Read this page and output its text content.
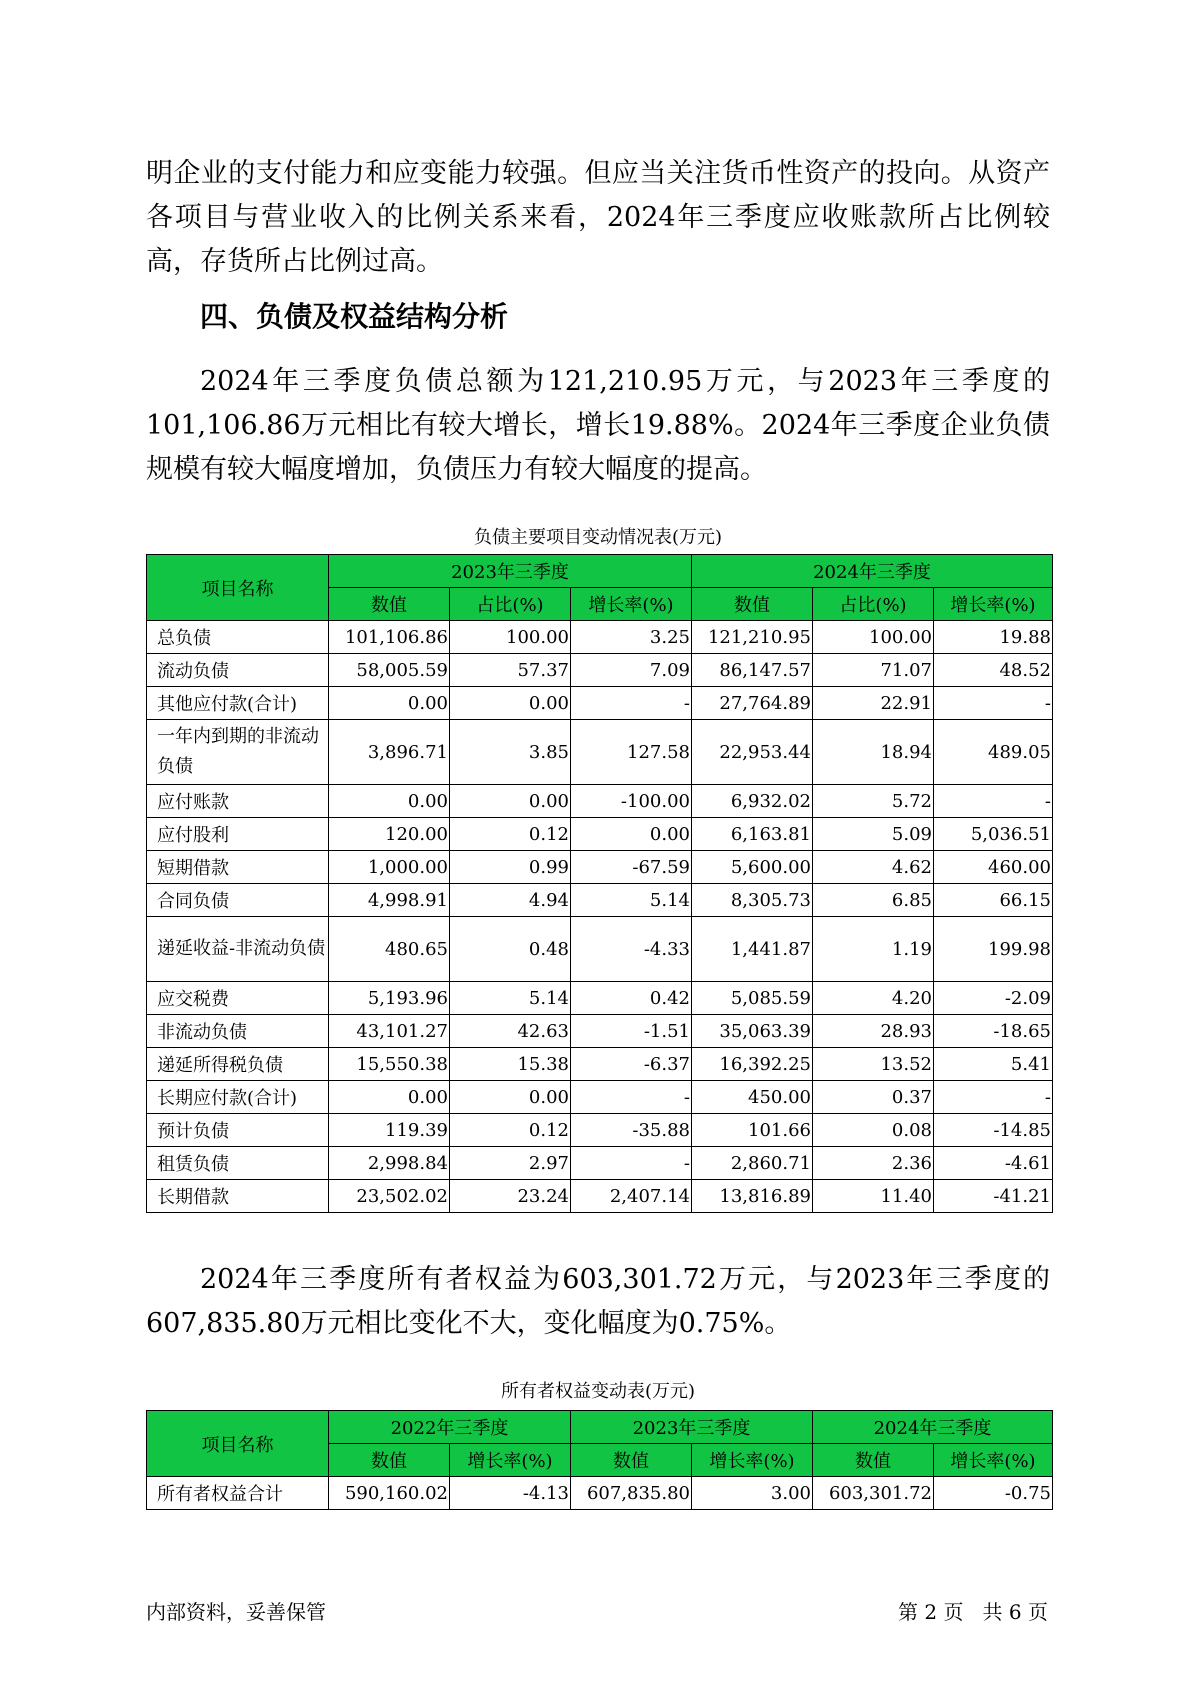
明企业的支付能力和应变能力较强。但应当关注货币性资产的投向。从资产各项目与营业收入的比例关系来看，2024年三季度应收账款所占比例较高，存货所占比例过高。

四、负债及权益结构分析

2024年三季度负债总额为121,210.95万元，与2023年三季度的101,106.86万元相比有较大增长，增长19.88%。2024年三季度企业负债规模有较大幅度增加，负债压力有较大幅度的提高。

负债主要项目变动情况表(万元)
项目名称	2023年三季度			2024年三季度		
	数值	占比(%)	增长率(%)	数值	占比(%)	增长率(%)
总负债	101,106.86	100.00	3.25	121,210.95	100.00	19.88
流动负债	58,005.59	57.37	7.09	86,147.57	71.07	48.52
其他应付款(合计)	0.00	0.00	-	27,764.89	22.91	-
一年内到期的非流动负债	3,896.71	3.85	127.58	22,953.44	18.94	489.05
应付账款	0.00	0.00	-100.00	6,932.02	5.72	-
应付股利	120.00	0.12	0.00	6,163.81	5.09	5,036.51
短期借款	1,000.00	0.99	-67.59	5,600.00	4.62	460.00
合同负债	4,998.91	4.94	5.14	8,305.73	6.85	66.15
递延收益-非流动负债	480.65	0.48	-4.33	1,441.87	1.19	199.98
应交税费	5,193.96	5.14	0.42	5,085.59	4.20	-2.09
非流动负债	43,101.27	42.63	-1.51	35,063.39	28.93	-18.65
递延所得税负债	15,550.38	15.38	-6.37	16,392.25	13.52	5.41
长期应付款(合计)	0.00	0.00	-	450.00	0.37	-
预计负债	119.39	0.12	-35.88	101.66	0.08	-14.85
租赁负债	2,998.84	2.97	-	2,860.71	2.36	-4.61
长期借款	23,502.02	23.24	2,407.14	13,816.89	11.40	-41.21

2024年三季度所有者权益为603,301.72万元，与2023年三季度的607,835.80万元相比变化不大，变化幅度为0.75%。

所有者权益变动表(万元)
项目名称	2022年三季度		2023年三季度		2024年三季度	
	数值	增长率(%)	数值	增长率(%)	数值	增长率(%)
所有者权益合计	590,160.02	-4.13	607,835.80	3.00	603,301.72	-0.75
内部资料，妥善保管	第 2 页   共 6 页
